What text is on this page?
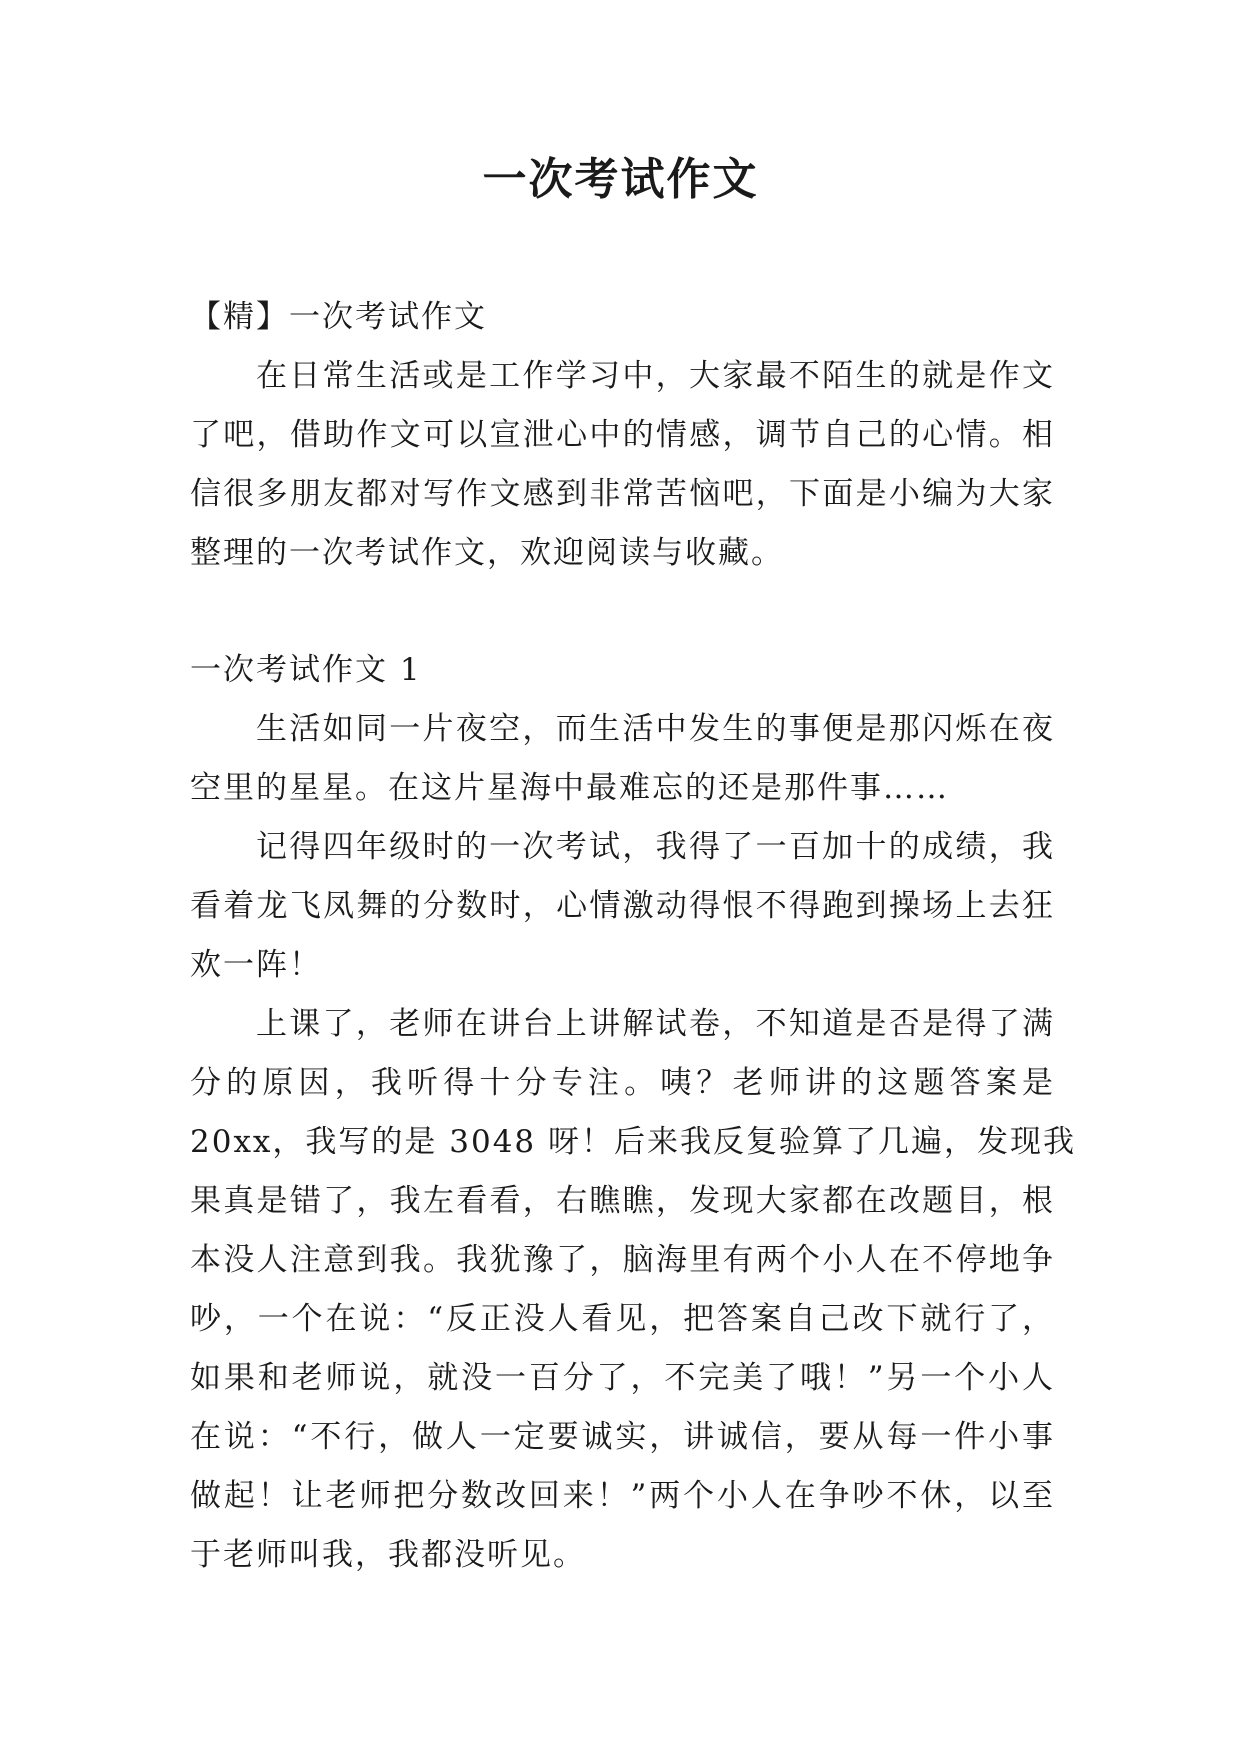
一次考试作文
【精】一次考试作文
在日常生活或是工作学习中，大家最不陌生的就是作文
了吧，借助作文可以宣泄心中的情感，调节自己的心情。相
信很多朋友都对写作文感到非常苦恼吧，下面是小编为大家
整理的一次考试作文，欢迎阅读与收藏。
一次考试作文 1
生活如同一片夜空，而生活中发生的事便是那闪烁在夜
空里的星星。在这片星海中最难忘的还是那件事……
记得四年级时的一次考试，我得了一百加十的成绩，我
看着龙飞凤舞的分数时，心情激动得恨不得跑到操场上去狂
欢一阵！
上课了，老师在讲台上讲解试卷，不知道是否是得了满
分的原因，我听得十分专注。咦？老师讲的这题答案是
20xx，我写的是 3048 呀！后来我反复验算了几遍，发现我
果真是错了，我左看看，右瞧瞧，发现大家都在改题目，根
本没人注意到我。我犹豫了，脑海里有两个小人在不停地争
吵，一个在说：“反正没人看见，把答案自己改下就行了，
如果和老师说，就没一百分了，不完美了哦！”另一个小人
在说：“不行，做人一定要诚实，讲诚信，要从每一件小事
做起！让老师把分数改回来！”两个小人在争吵不休，以至
于老师叫我，我都没听见。
